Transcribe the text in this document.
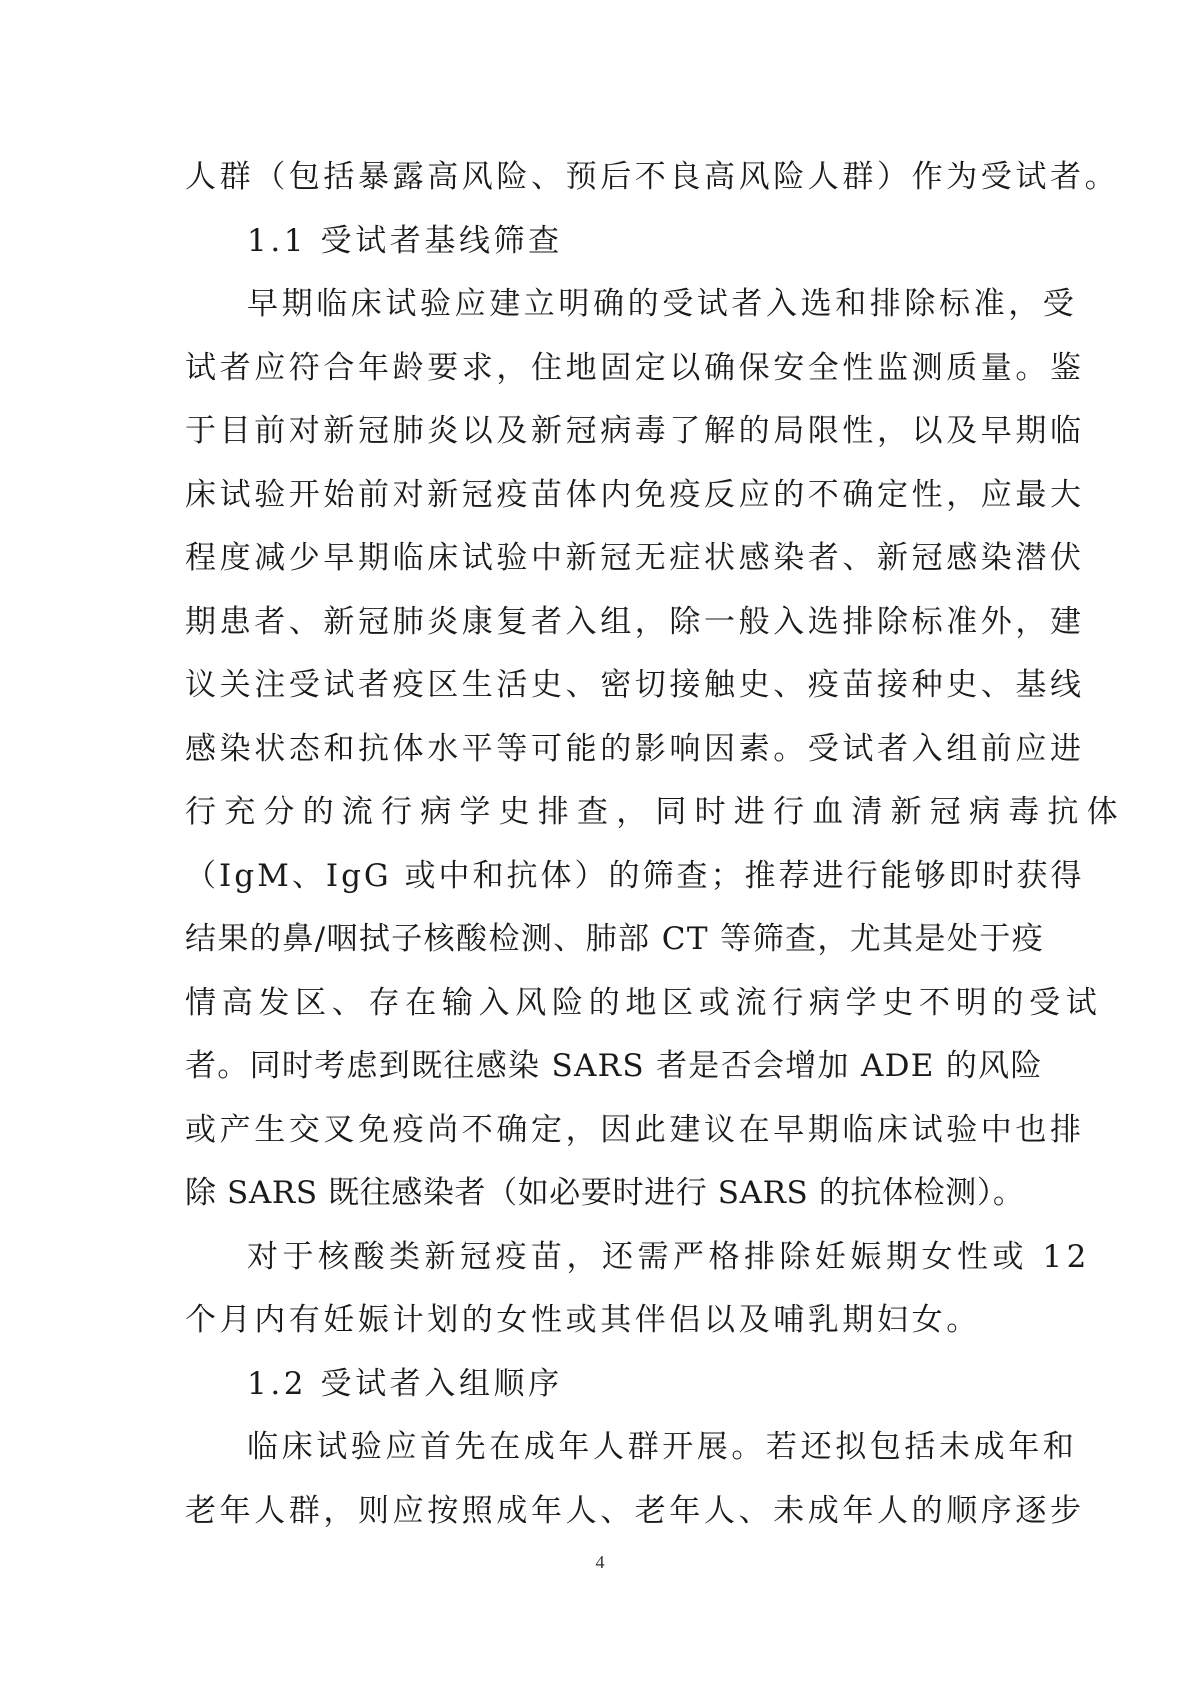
人群（包括暴露高风险、预后不良高风险人群）作为受试者。
1.1 受试者基线筛查
早期临床试验应建立明确的受试者入选和排除标准，受
试者应符合年龄要求，住地固定以确保安全性监测质量。鉴
于目前对新冠肺炎以及新冠病毒了解的局限性，以及早期临
床试验开始前对新冠疫苗体内免疫反应的不确定性，应最大
程度减少早期临床试验中新冠无症状感染者、新冠感染潜伏
期患者、新冠肺炎康复者入组，除一般入选排除标准外，建
议关注受试者疫区生活史、密切接触史、疫苗接种史、基线
感染状态和抗体水平等可能的影响因素。受试者入组前应进
行充分的流行病学史排查，同时进行血清新冠病毒抗体
（IgM、IgG 或中和抗体）的筛查；推荐进行能够即时获得
结果的鼻/咽拭子核酸检测、肺部 CT 等筛查，尤其是处于疫
情高发区、存在输入风险的地区或流行病学史不明的受试
者。同时考虑到既往感染 SARS 者是否会增加 ADE 的风险
或产生交叉免疫尚不确定，因此建议在早期临床试验中也排
除 SARS 既往感染者（如必要时进行 SARS 的抗体检测）。
对于核酸类新冠疫苗，还需严格排除妊娠期女性或 12
个月内有妊娠计划的女性或其伴侣以及哺乳期妇女。
1.2 受试者入组顺序
临床试验应首先在成年人群开展。若还拟包括未成年和
老年人群，则应按照成年人、老年人、未成年人的顺序逐步
4
